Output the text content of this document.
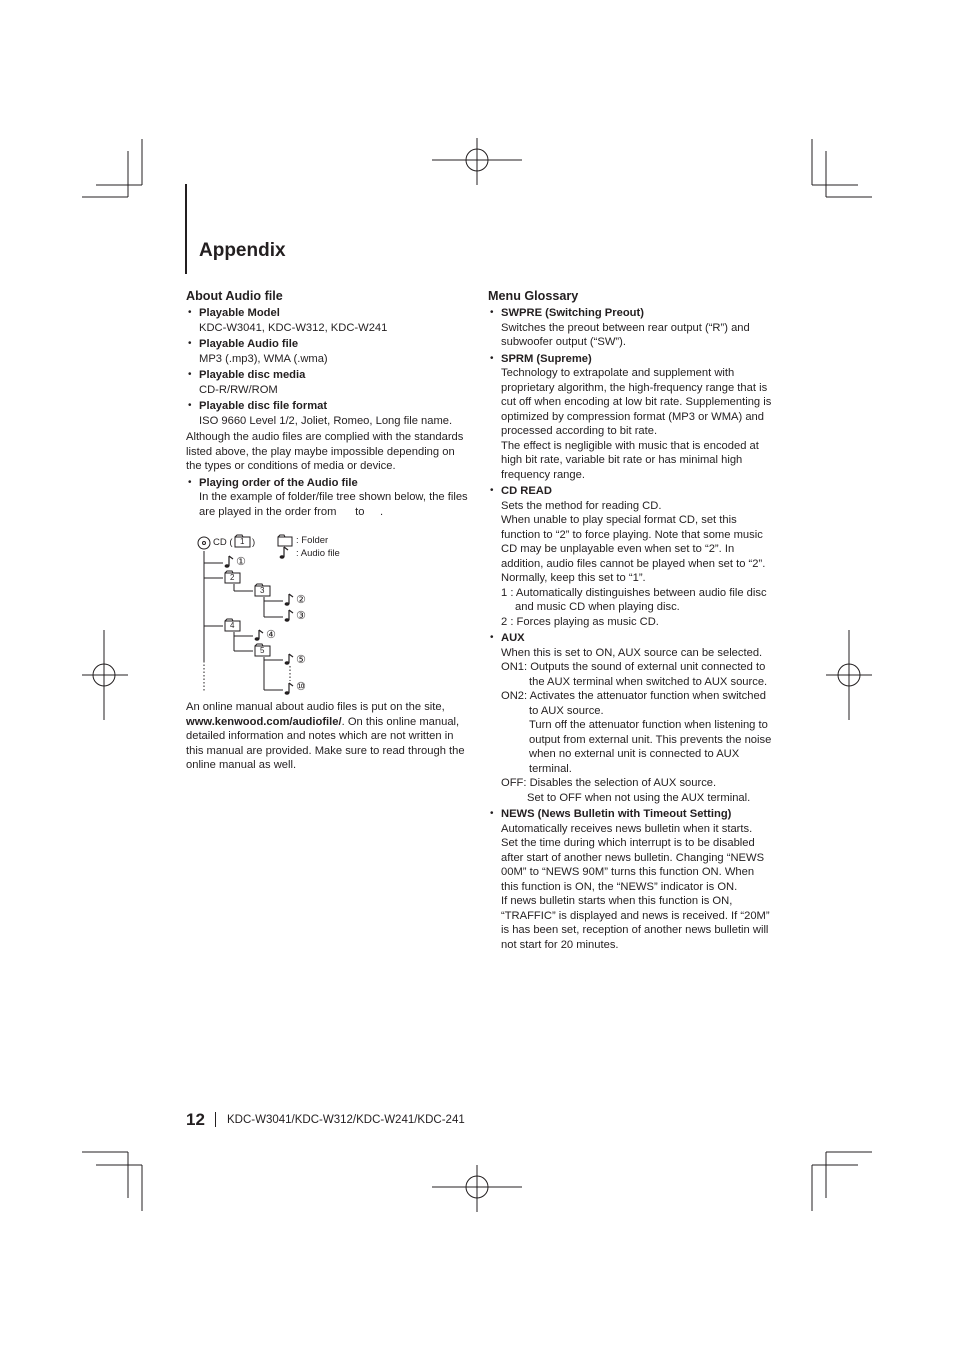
Appendix
About Audio file
• Playable Model
KDC-W3041, KDC-W312, KDC-W241
• Playable Audio file
MP3 (.mp3), WMA (.wma)
• Playable disc media
CD-R/RW/ROM
• Playable disc file format
ISO 9660 Level 1/2, Joliet, Romeo, Long file name.
Although the audio files are complied with the standards listed above, the play maybe impossible depending on the types or conditions of media or device.
• Playing order of the Audio file
In the example of folder/file tree shown below, the files are played in the order from      to     .
CD ( )
1
2
3
4
5
①
②
③
④
⑤
⑩
: Folder
: Audio file
An online manual about audio files is put on the site, www.kenwood.com/audiofile/. On this online manual, detailed information and notes which are not written in this manual are provided. Make sure to read through the online manual as well.
Menu Glossary
• SWPRE (Switching Preout)
Switches the preout between rear output (“R”) and subwoofer output (“SW”).
• SPRM (Supreme)
Technology to extrapolate and supplement with proprietary algorithm, the high-frequency range that is cut off when encoding at low bit rate. Supplementing is optimized by compression format (MP3 or WMA) and processed according to bit rate.
The effect is negligible with music that is encoded at high bit rate, variable bit rate or has minimal high frequency range.
• CD READ
Sets the method for reading CD.
When unable to play special format CD, set this function to “2” to force playing. Note that some music CD may be unplayable even when set to “2”. In addition, audio files cannot be played when set to “2”. Normally, keep this set to “1”.
1 : Automatically distinguishes between audio file disc and music CD when playing disc.
2 : Forces playing as music CD.
• AUX
When this is set to ON, AUX source can be selected.
ON1: Outputs the sound of external unit connected to the AUX terminal when switched to AUX source.
ON2: Activates the attenuator function when switched to AUX source.
Turn off the attenuator function when listening to output from external unit. This prevents the noise when no external unit is connected to AUX terminal.
OFF: Disables the selection of AUX source.
Set to OFF when not using the AUX terminal.
• NEWS (News Bulletin with Timeout Setting)
Automatically receives news bulletin when it starts. Set the time during which interrupt is to be disabled after start of another news bulletin. Changing “NEWS 00M” to “NEWS 90M” turns this function ON. When this function is ON, the “NEWS” indicator is ON.
If news bulletin starts when this function is ON, “TRAFFIC” is displayed and news is received. If “20M” is has been set, reception of another news bulletin will not start for 20 minutes.
12 KDC-W3041/KDC-W312/KDC-W241/KDC-241
